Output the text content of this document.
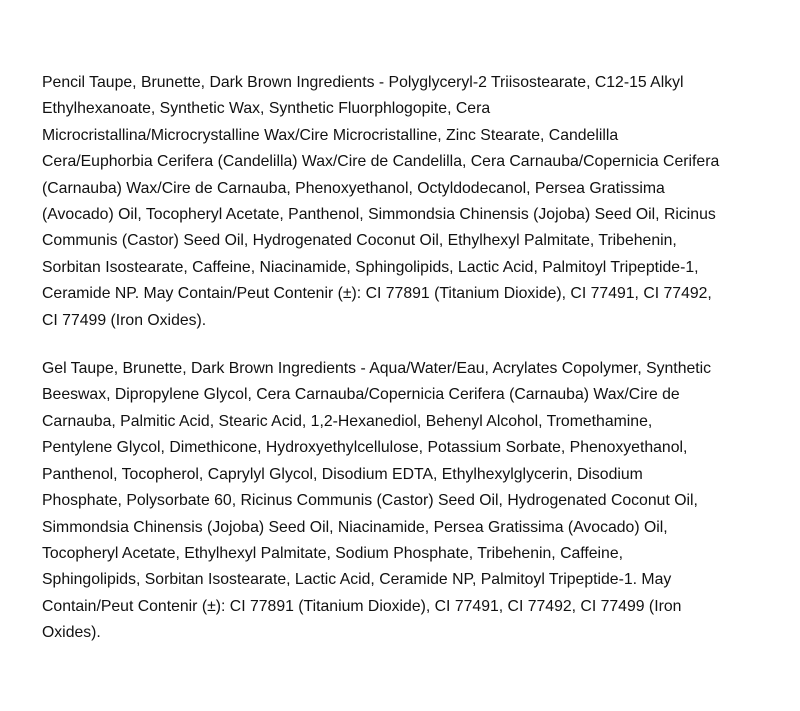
Pencil Taupe, Brunette, Dark Brown Ingredients - Polyglyceryl-2 Triisostearate, C12-15 Alkyl
Ethylhexanoate, Synthetic Wax, Synthetic Fluorphlogopite, Cera
Microcristallina/Microcrystalline Wax/Cire Microcristalline, Zinc Stearate, Candelilla
Cera/Euphorbia Cerifera (Candelilla) Wax/Cire de Candelilla, Cera Carnauba/Copernicia Cerifera
(Carnauba) Wax/Cire de Carnauba, Phenoxyethanol, Octyldodecanol, Persea Gratissima
(Avocado) Oil, Tocopheryl Acetate, Panthenol, Simmondsia Chinensis (Jojoba) Seed Oil, Ricinus
Communis (Castor) Seed Oil, Hydrogenated Coconut Oil, Ethylhexyl Palmitate, Tribehenin,
Sorbitan Isostearate, Caffeine, Niacinamide, Sphingolipids, Lactic Acid, Palmitoyl Tripeptide-1,
Ceramide NP. May Contain/Peut Contenir (±): CI 77891 (Titanium Dioxide), CI 77491, CI 77492,
CI 77499 (Iron Oxides).

Gel Taupe, Brunette, Dark Brown Ingredients - Aqua/Water/Eau, Acrylates Copolymer, Synthetic
Beeswax, Dipropylene Glycol, Cera Carnauba/Copernicia Cerifera (Carnauba) Wax/Cire de
Carnauba, Palmitic Acid, Stearic Acid, 1,2-Hexanediol, Behenyl Alcohol, Tromethamine,
Pentylene Glycol, Dimethicone, Hydroxyethylcellulose, Potassium Sorbate, Phenoxyethanol,
Panthenol, Tocopherol, Caprylyl Glycol, Disodium EDTA, Ethylhexylglycerin, Disodium
Phosphate, Polysorbate 60, Ricinus Communis (Castor) Seed Oil, Hydrogenated Coconut Oil,
Simmondsia Chinensis (Jojoba) Seed Oil, Niacinamide, Persea Gratissima (Avocado) Oil,
Tocopheryl Acetate, Ethylhexyl Palmitate, Sodium Phosphate, Tribehenin, Caffeine,
Sphingolipids, Sorbitan Isostearate, Lactic Acid, Ceramide NP, Palmitoyl Tripeptide-1. May
Contain/Peut Contenir (±): CI 77891 (Titanium Dioxide), CI 77491, CI 77492, CI 77499 (Iron
Oxides).
